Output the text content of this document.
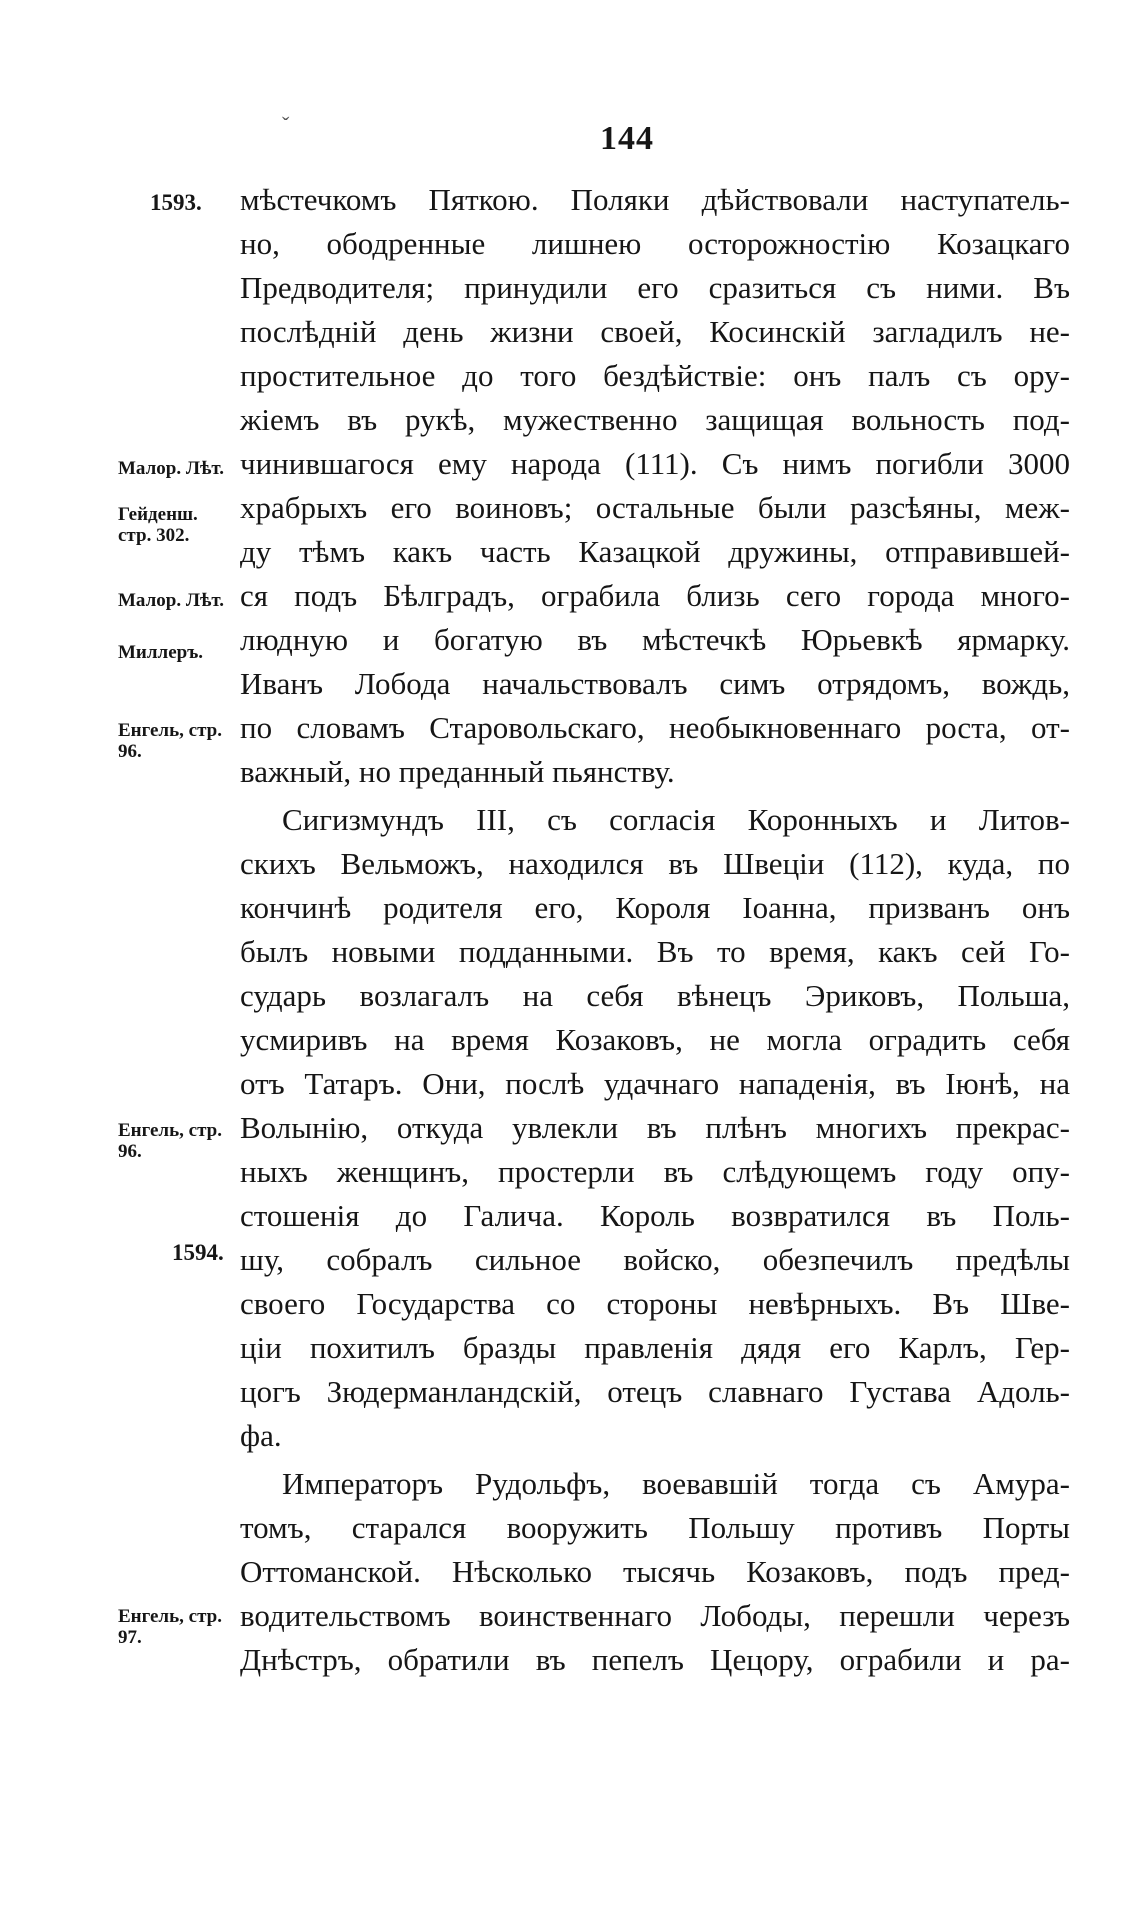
ˇ	144
1593.
1594.
Малор. Лѣт.
Гейденш. стр. 302.
Малор. Лѣт.
Миллеръ.
Енгель, стр. 96.
Енгель, стр. 96.
Енгель, стр. 97.
мѣстечкомъ Пяткою. Поляки дѣйствовали наступатель-
но, ободренные лишнею осторожностію Козацкаго
Предводителя; принудили его сразиться съ ними. Въ
послѣдній день жизни своей, Косинскій загладилъ не-
простительное до того бездѣйствіе: онъ палъ съ ору-
жіемъ въ рукѣ, мужественно защищая вольность под-
чинившагося ему народа (111). Съ нимъ погибли 3000
храбрыхъ его воиновъ; остальные были разсѣяны, меж-
ду тѣмъ какъ часть Казацкой дружины, отправившей-
ся подъ Бѣлградъ, ограбила близь сего города много-
людную и богатую въ мѣстечкѣ Юрьевкѣ ярмарку.
Иванъ Лобода начальствовалъ симъ отрядомъ, вождь,
по словамъ Старовольскаго, необыкновеннаго роста, от-
важный, но преданный пьянству.
Сигизмундъ III, съ согласія Коронныхъ и Литов-
скихъ Вельможъ, находился въ Швеціи (112), куда, по
кончинѣ родителя его, Короля Іоанна, призванъ онъ
былъ новыми подданными. Въ то время, какъ сей Го-
сударь возлагалъ на себя вѣнецъ Эриковъ, Польша,
усмиривъ на время Козаковъ, не могла оградить себя
отъ Татаръ. Они, послѣ удачнаго нападенія, въ Іюнѣ, на
Волынію, откуда увлекли въ плѣнъ многихъ прекрас-
ныхъ женщинъ, простерли въ слѣдующемъ году опу-
стошенія до Галича. Король возвратился въ Поль-
шу, собралъ сильное войско, обезпечилъ предѣлы
своего Государства со стороны невѣрныхъ. Въ Шве-
ціи похитилъ бразды правленія дядя его Карлъ, Гер-
цогъ Зюдерманландскій, отецъ славнаго Густава Адоль-
фа.
Императоръ Рудольфъ, воевавшій тогда съ Амура-
томъ, старался вооружить Польшу противъ Порты
Оттоманской. Нѣсколько тысячь Козаковъ, подъ пред-
водительствомъ воинственнаго Лободы, перешли черезъ
Днѣстръ, обратили въ пепелъ Цецору, ограбили и ра-
